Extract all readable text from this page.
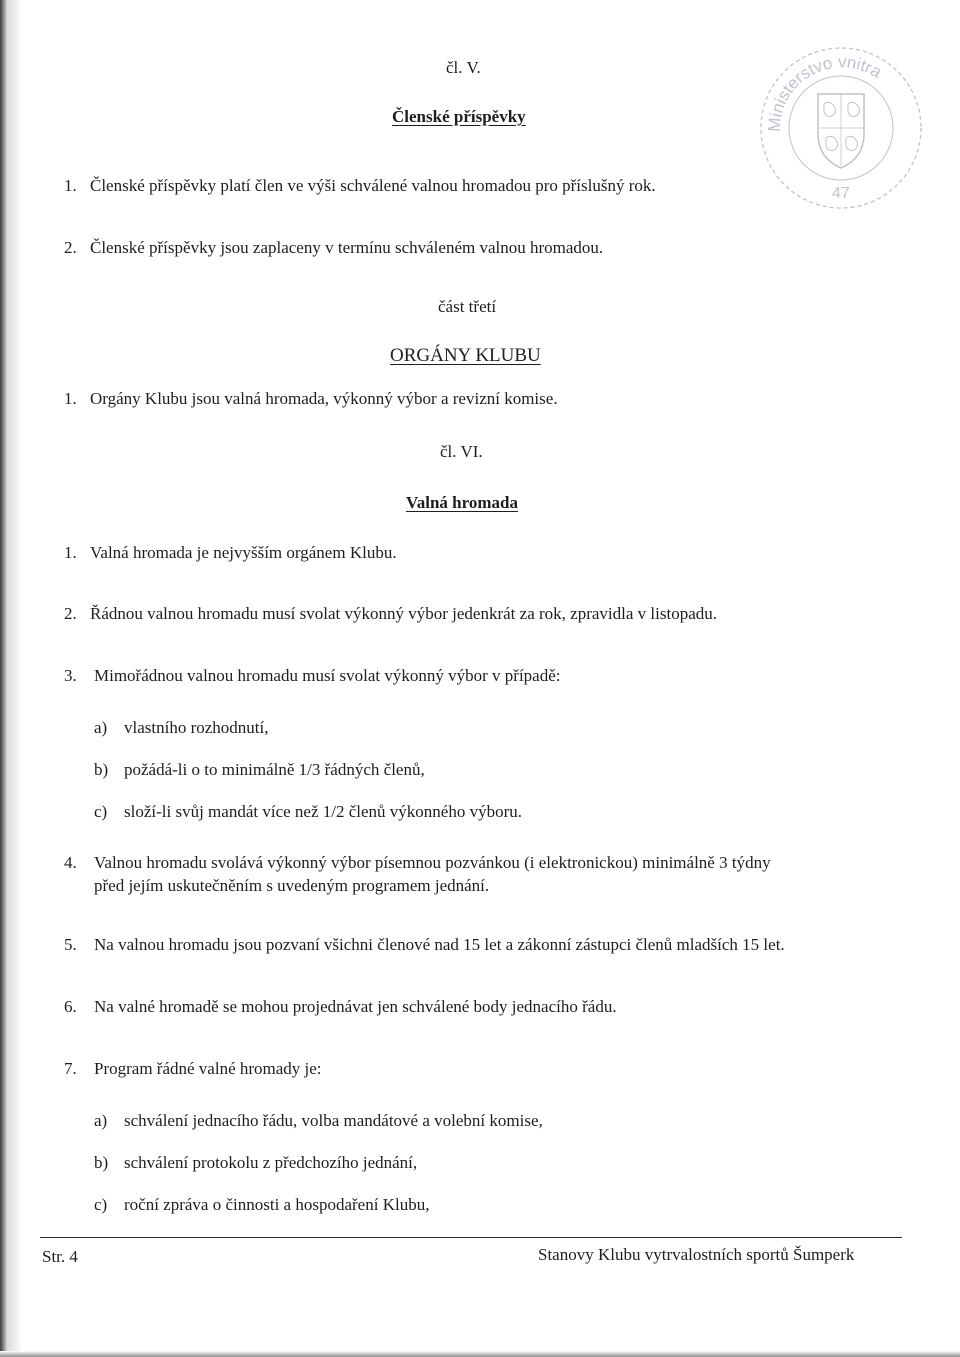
Ministerstvo vnitra
47
čl. V.
Členské příspěvky
1. Členské příspěvky platí člen ve výši schválené valnou hromadou pro příslušný rok.
2. Členské příspěvky jsou zaplaceny v termínu schváleném valnou hromadou.
část třetí
ORGÁNY KLUBU
1. Orgány Klubu jsou valná hromada, výkonný výbor a revizní komise.
čl. VI.
Valná hromada
1. Valná hromada je nejvyšším orgánem Klubu.
2. Řádnou valnou hromadu musí svolat výkonný výbor jedenkrát za rok, zpravidla v listopadu.
3. Mimořádnou valnou hromadu musí svolat výkonný výbor v případě:
a) vlastního rozhodnutí,
b) požádá-li o to minimálně 1/3 řádných členů,
c) složí-li svůj mandát více než 1/2 členů výkonného výboru.
4. Valnou hromadu svolává výkonný výbor písemnou pozvánkou (i elektronickou) minimálně 3 týdny
před jejím uskutečněním s uvedeným programem jednání.
5. Na valnou hromadu jsou pozvaní všichni členové nad 15 let a zákonní zástupci členů mladších 15 let.
6. Na valné hromadě se mohou projednávat jen schválené body jednacího řádu.
7. Program řádné valné hromady je:
a) schválení jednacího řádu, volba mandátové a volební komise,
b) schválení protokolu z předchozího jednání,
c) roční zpráva o činnosti a hospodaření Klubu,
Str. 4	Stanovy Klubu vytrvalostních sportů Šumperk
